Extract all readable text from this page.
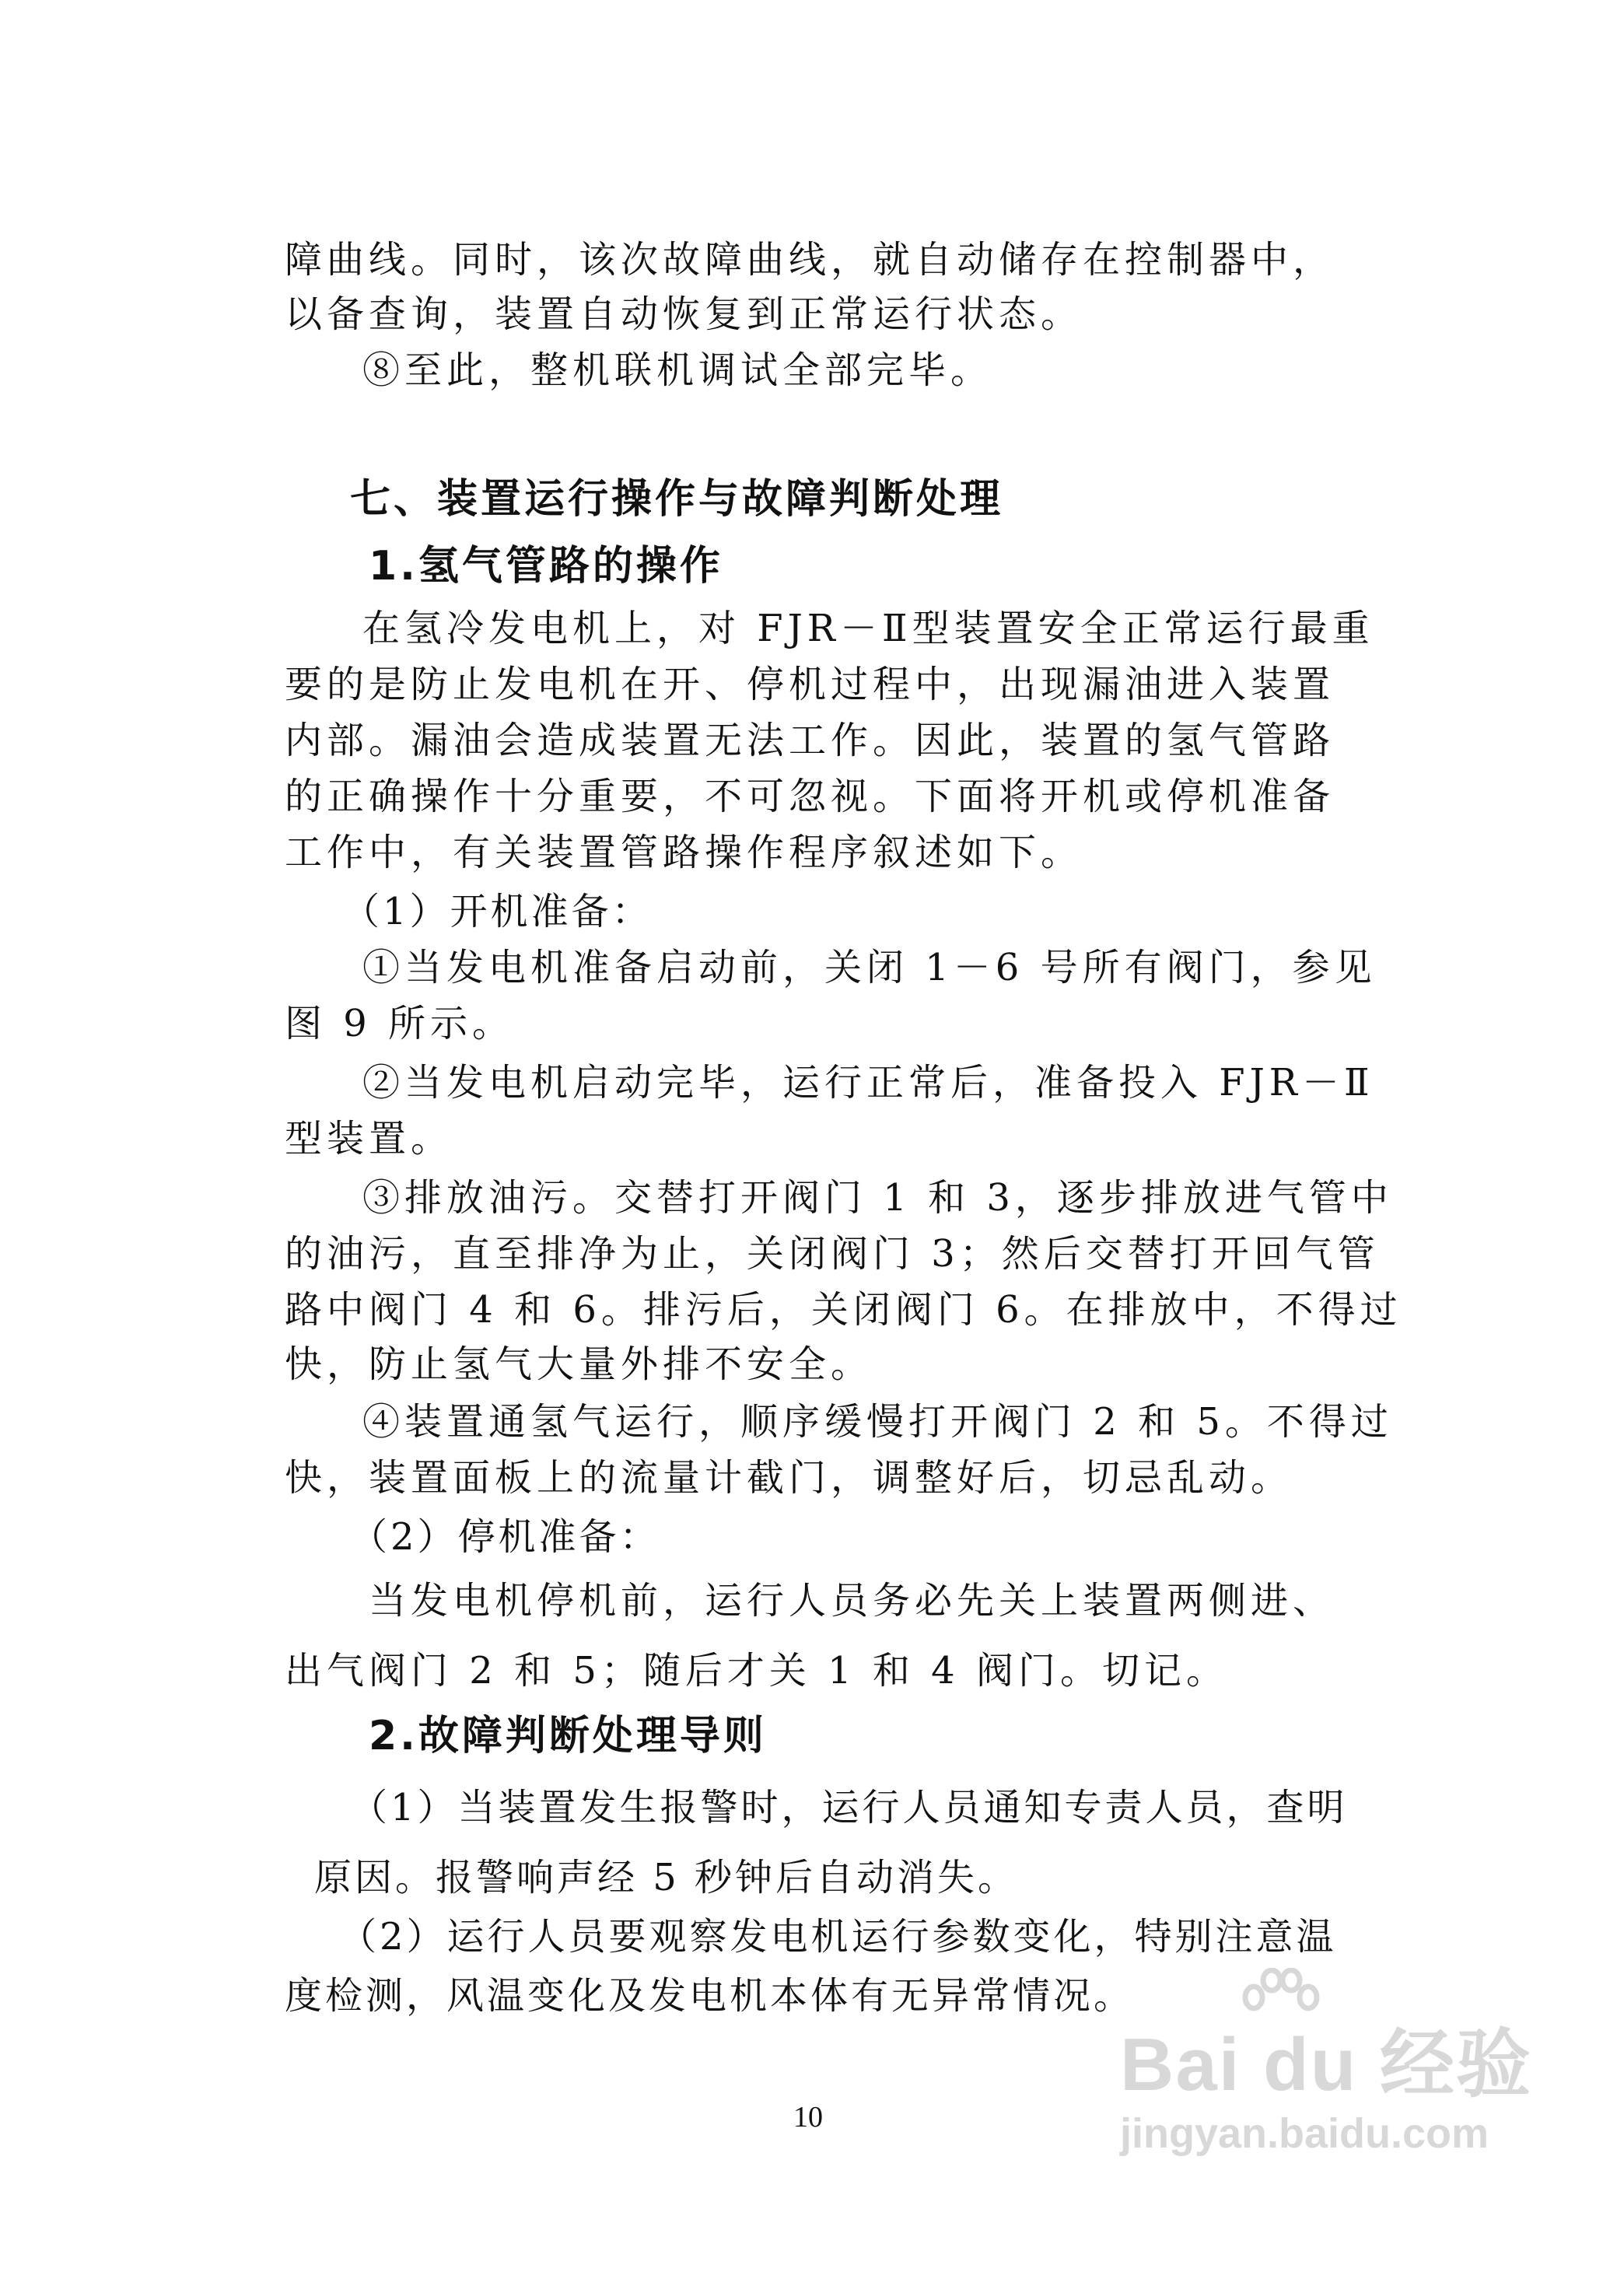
障曲线。同时，该次故障曲线，就自动储存在控制器中，
以备查询，装置自动恢复到正常运行状态。
⑧至此，整机联机调试全部完毕。
七、装置运行操作与故障判断处理
1.氢气管路的操作
在氢冷发电机上，对 FJR－Ⅱ型装置安全正常运行最重
要的是防止发电机在开、停机过程中，出现漏油进入装置
内部。漏油会造成装置无法工作。因此，装置的氢气管路
的正确操作十分重要，不可忽视。下面将开机或停机准备
工作中，有关装置管路操作程序叙述如下。
（1）开机准备：
①当发电机准备启动前，关闭 1－6 号所有阀门，参见
图 9 所示。
②当发电机启动完毕，运行正常后，准备投入 FJR－Ⅱ
型装置。
③排放油污。交替打开阀门 1 和 3，逐步排放进气管中
的油污，直至排净为止，关闭阀门 3；然后交替打开回气管
路中阀门 4 和 6。排污后，关闭阀门 6。在排放中，不得过
快，防止氢气大量外排不安全。
④装置通氢气运行，顺序缓慢打开阀门 2 和 5。不得过
快，装置面板上的流量计截门，调整好后，切忌乱动。
（2）停机准备：
当发电机停机前，运行人员务必先关上装置两侧进、
出气阀门 2 和 5；随后才关 1 和 4 阀门。切记。
2.故障判断处理导则
（1）当装置发生报警时，运行人员通知专责人员，查明
原因。报警响声经 5 秒钟后自动消失。
（2）运行人员要观察发电机运行参数变化，特别注意温
度检测，风温变化及发电机本体有无异常情况。
10
Bai du 经验
jingyan.baidu.com
